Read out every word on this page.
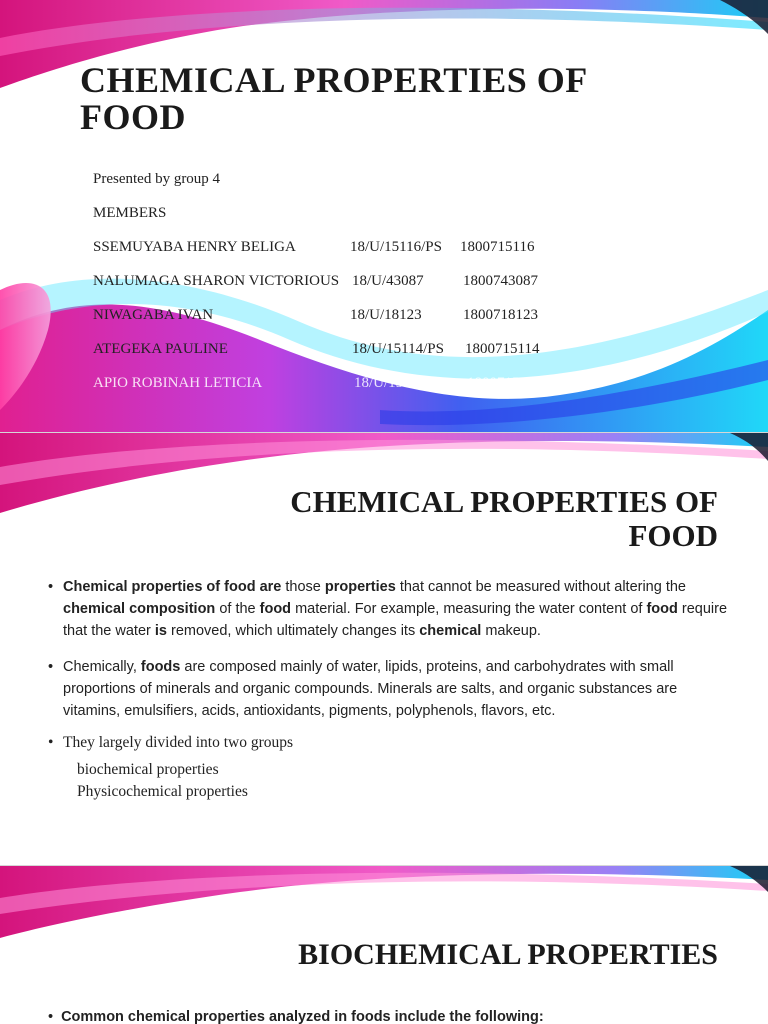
CHEMICAL PROPERTIES OF
FOOD
Presented by group 4
MEMBERS
SSEMUYABA HENRY BELIGA	18/U/15116/PS 1800715116
NALUMAGA SHARON VICTORIOUS 18/U/43087	1800743087
NIWAGABA IVAN	18/U/18123	1800718123
ATEGEKA PAULINE	18/U/15114/PS 1800715114
APIO ROBINAH LETICIA	18/U/15112/PS 1800715112
CHEMICAL PROPERTIES OF
FOOD
• Chemical properties of food are those properties that cannot be measured without altering the chemical composition of the food material. For example, measuring the water content of food require that the water is removed, which ultimately changes its chemical makeup.
• Chemically, foods are composed mainly of water, lipids, proteins, and carbohydrates with small proportions of minerals and organic compounds. Minerals are salts, and organic substances are vitamins, emulsifiers, acids, antioxidants, pigments, polyphenols, flavors, etc.
• They largely divided into two groups
biochemical properties
Physicochemical properties
BIOCHEMICAL PROPERTIES
• Common chemical properties analyzed in foods include the following:
